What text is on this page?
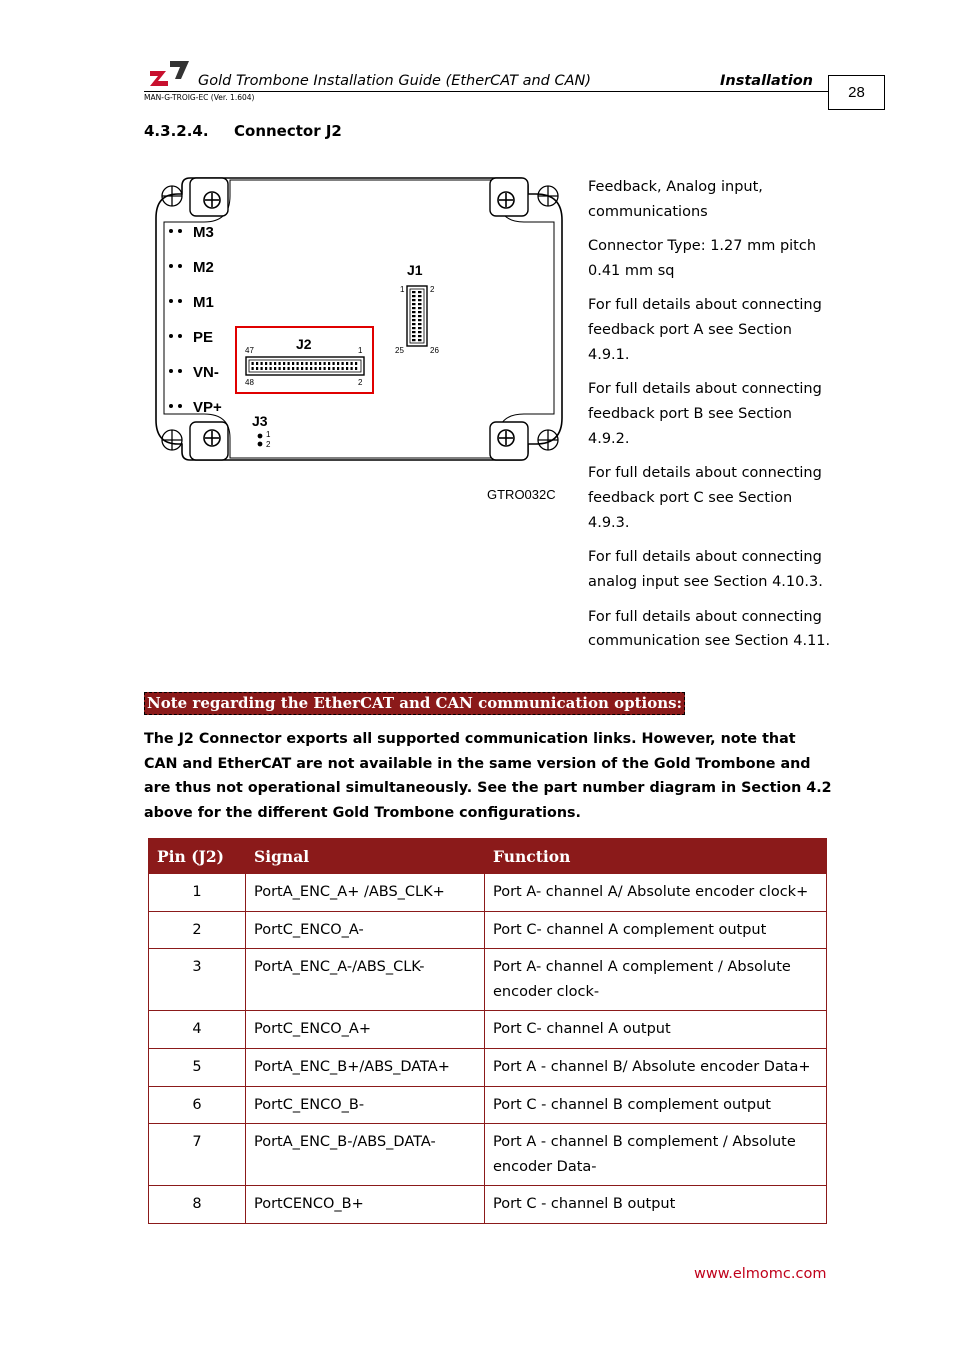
Gold Trombone Installation Guide (EtherCAT and CAN)	Installation
MAN-G-TROIG-EC (Ver. 1.604)	28
4.3.2.4. Connector J2
M3
M2
M1
PE
VN-
VP+
J1
1	2
25	26
J2
47	1
48	2
J3
1
2
GTRO032C

Feedback, Analog input, communications

Connector Type: 1.27 mm pitch 0.41 mm sq

For full details about connecting feedback port A see Section 4.9.1.

For full details about connecting feedback port B see Section 4.9.2.

For full details about connecting feedback port C see Section 4.9.3.

For full details about connecting analog input see Section 4.10.3.

For full details about connecting communication see Section 4.11.

Note regarding the EtherCAT and CAN communication options:
The J2 Connector exports all supported communication links. However, note that CAN and EtherCAT are not available in the same version of the Gold Trombone and are thus not operational simultaneously. See the part number diagram in Section 4.2 above for the different Gold Trombone configurations.
Pin (J2)	Signal	Function
1	PortA_ENC_A+ /ABS_CLK+	Port A- channel A/ Absolute encoder clock+
2	PortC_ENCO_A-	Port C- channel A complement output
3	PortA_ENC_A-/ABS_CLK-	Port A- channel A complement / Absolute encoder clock-
4	PortC_ENCO_A+	Port C- channel A output
5	PortA_ENC_B+/ABS_DATA+	Port A - channel B/ Absolute encoder Data+
6	PortC_ENCO_B-	Port C - channel B complement output
7	PortA_ENC_B-/ABS_DATA-	Port A - channel B complement / Absolute encoder Data-
8	PortCENCO_B+	Port C - channel B output
www.elmomc.com
